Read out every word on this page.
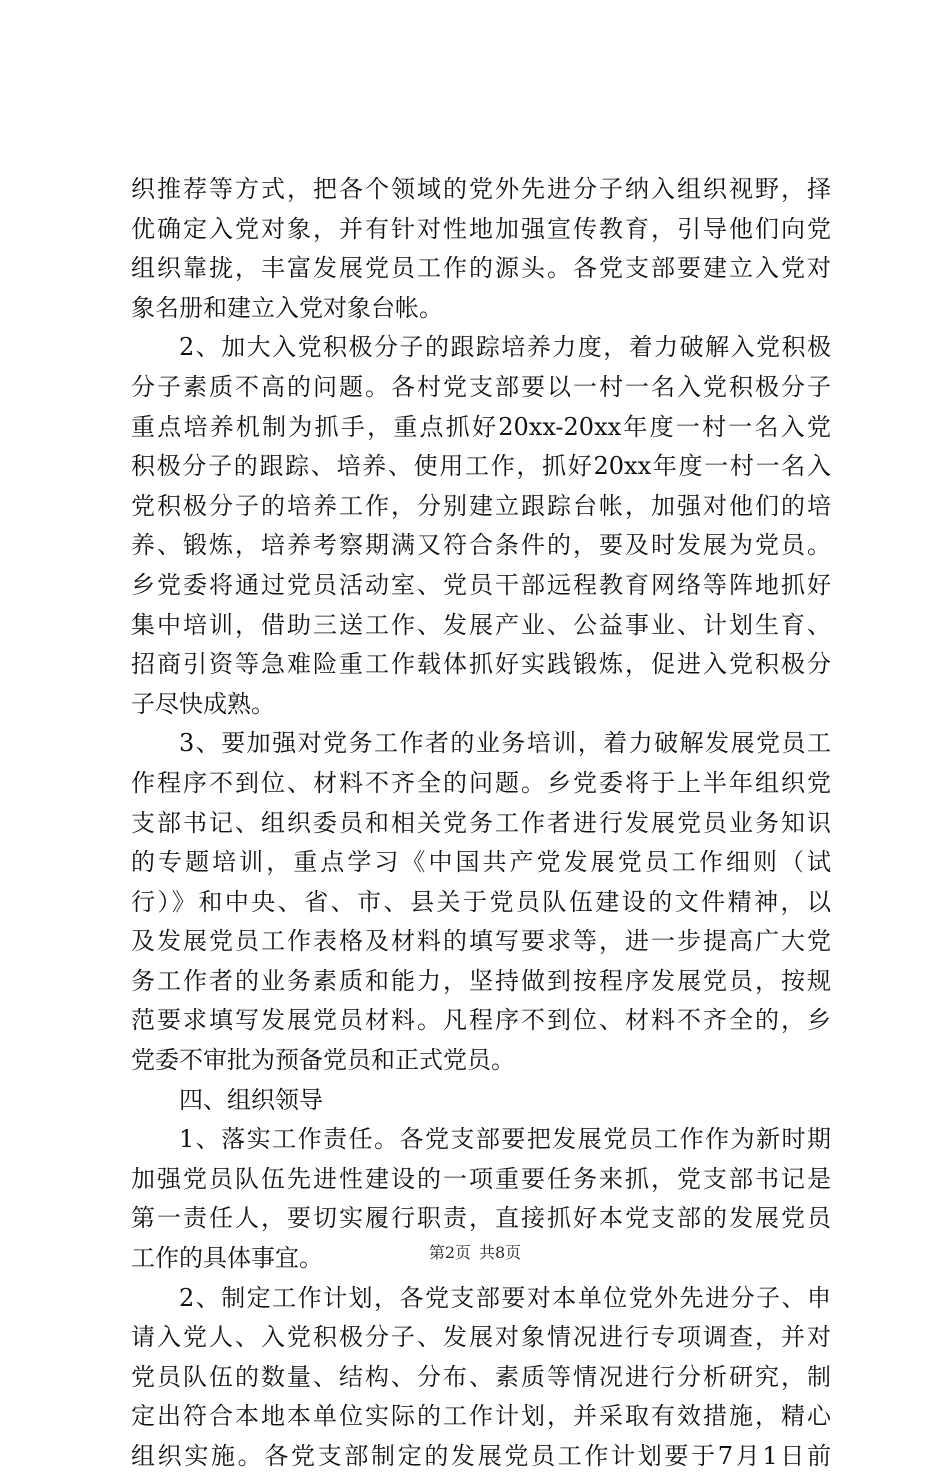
织推荐等方式，把各个领域的党外先进分子纳入组织视野，择
优确定入党对象，并有针对性地加强宣传教育，引导他们向党
组织靠拢，丰富发展党员工作的源头。各党支部要建立入党对
象名册和建立入党对象台帐。
2、加大入党积极分子的跟踪培养力度，着力破解入党积极
分子素质不高的问题。各村党支部要以一村一名入党积极分子
重点培养机制为抓手，重点抓好20xx-20xx年度一村一名入党
积极分子的跟踪、培养、使用工作，抓好20xx年度一村一名入
党积极分子的培养工作，分别建立跟踪台帐，加强对他们的培
养、锻炼，培养考察期满又符合条件的，要及时发展为党员。
乡党委将通过党员活动室、党员干部远程教育网络等阵地抓好
集中培训，借助三送工作、发展产业、公益事业、计划生育、
招商引资等急难险重工作载体抓好实践锻炼，促进入党积极分
子尽快成熟。
3、要加强对党务工作者的业务培训，着力破解发展党员工
作程序不到位、材料不齐全的问题。乡党委将于上半年组织党
支部书记、组织委员和相关党务工作者进行发展党员业务知识
的专题培训，重点学习《中国共产党发展党员工作细则（试
行）》和中央、省、市、县关于党员队伍建设的文件精神，以
及发展党员工作表格及材料的填写要求等，进一步提高广大党
务工作者的业务素质和能力，坚持做到按程序发展党员，按规
范要求填写发展党员材料。凡程序不到位、材料不齐全的，乡
党委不审批为预备党员和正式党员。
四、组织领导
1、落实工作责任。各党支部要把发展党员工作作为新时期
加强党员队伍先进性建设的一项重要任务来抓，党支部书记是
第一责任人，要切实履行职责，直接抓好本党支部的发展党员
工作的具体事宜。
2、制定工作计划，各党支部要对本单位党外先进分子、申
请入党人、入党积极分子、发展对象情况进行专项调查，并对
党员队伍的数量、结构、分布、素质等情况进行分析研究，制
定出符合本地本单位实际的工作计划，并采取有效措施，精心
组织实施。各党支部制定的发展党员工作计划要于7月1日前
第2页 共8页
